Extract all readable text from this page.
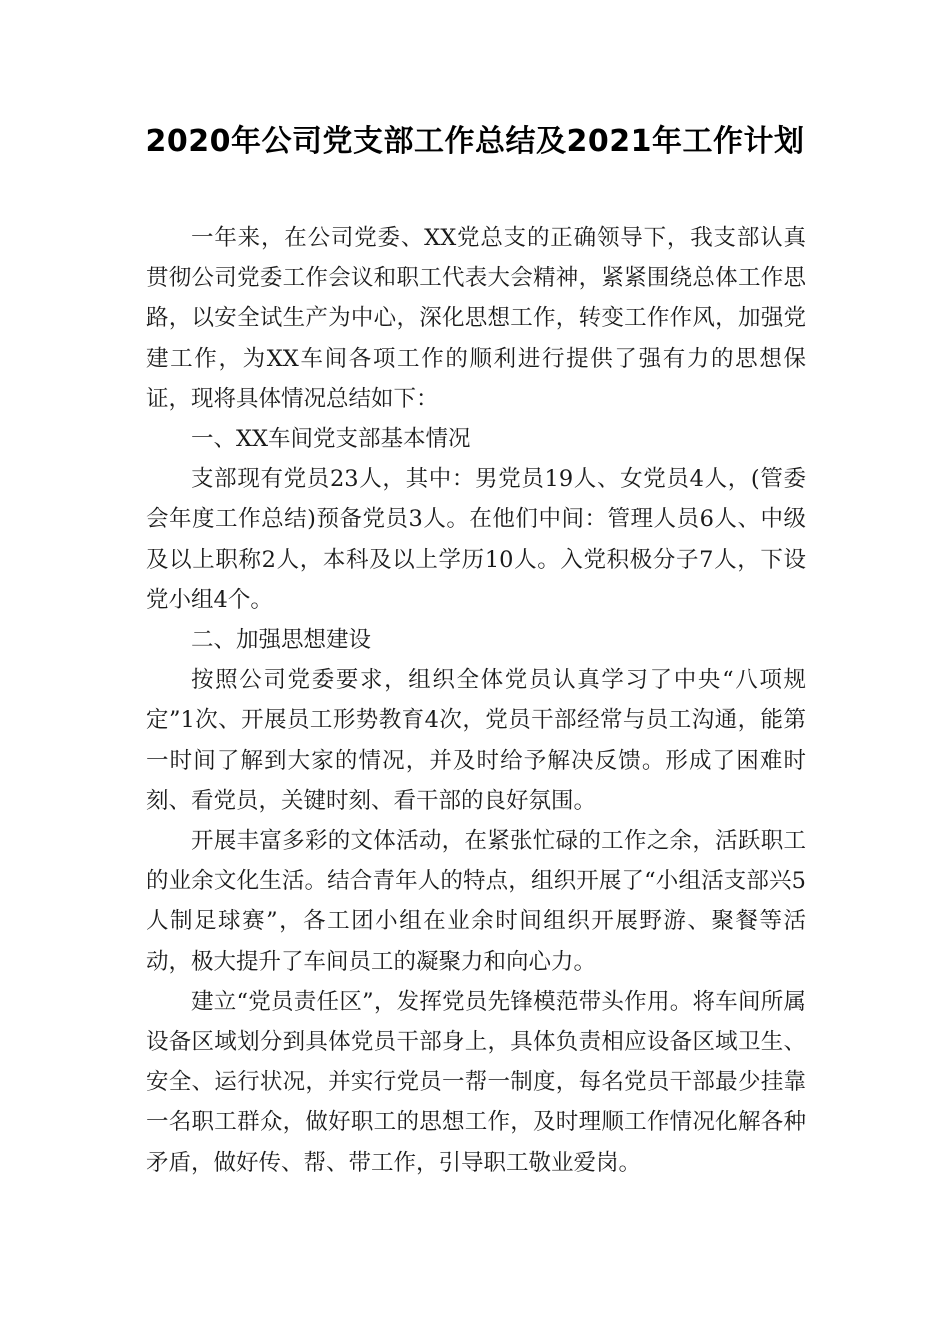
2020年公司党支部工作总结及2021年工作计划

一年来，在公司党委、XX党总支的正确领导下，我支部认真贯彻公司党委工作会议和职工代表大会精神，紧紧围绕总体工作思路，以安全试生产为中心，深化思想工作，转变工作作风，加强党建工作，为XX车间各项工作的顺利进行提供了强有力的思想保证，现将具体情况总结如下：

一、XX车间党支部基本情况

支部现有党员23人，其中：男党员19人、女党员4人，(管委会年度工作总结)预备党员3人。在他们中间：管理人员6人、中级及以上职称2人，本科及以上学历10人。入党积极分子7人，下设党小组4个。

二、加强思想建设

按照公司党委要求，组织全体党员认真学习了中央“八项规定”1次、开展员工形势教育4次，党员干部经常与员工沟通，能第一时间了解到大家的情况，并及时给予解决反馈。形成了困难时刻、看党员，关键时刻、看干部的良好氛围。

开展丰富多彩的文体活动，在紧张忙碌的工作之余，活跃职工的业余文化生活。结合青年人的特点，组织开展了“小组活支部兴5人制足球赛”，各工团小组在业余时间组织开展野游、聚餐等活动，极大提升了车间员工的凝聚力和向心力。

建立“党员责任区”，发挥党员先锋模范带头作用。将车间所属设备区域划分到具体党员干部身上，具体负责相应设备区域卫生、安全、运行状况，并实行党员一帮一制度，每名党员干部最少挂靠一名职工群众，做好职工的思想工作，及时理顺工作情况化解各种矛盾，做好传、帮、带工作，引导职工敬业爱岗。
